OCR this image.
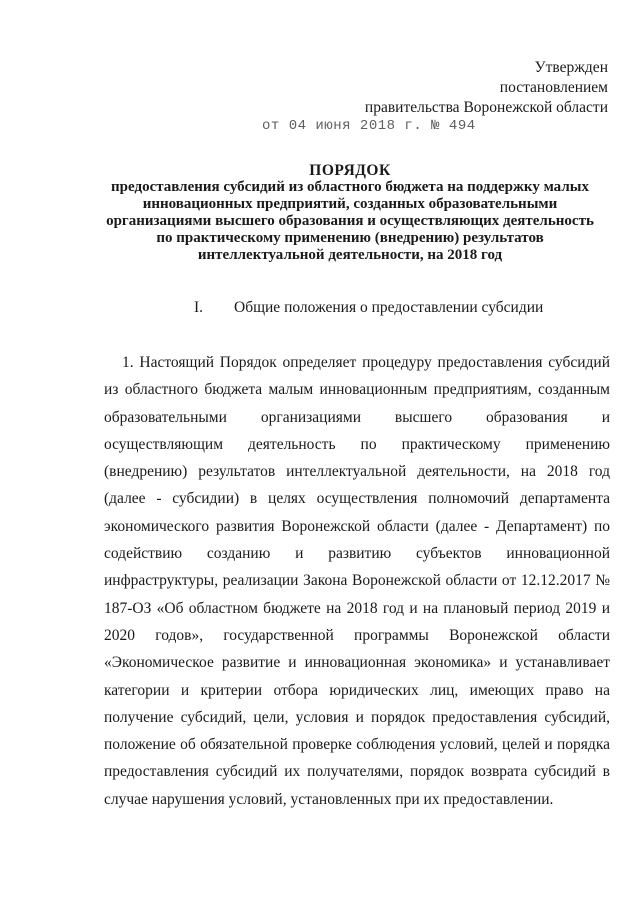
Утвержден
постановлением
правительства Воронежской области
от 04 июня 2018 г. № 494
ПОРЯДОК
предоставления субсидий из областного бюджета на поддержку малых
инновационных предприятий, созданных образовательными
организациями высшего образования и осуществляющих деятельность
по практическому применению (внедрению) результатов
интеллектуальной деятельности, на 2018 год
I. Общие положения о предоставлении субсидии

1. Настоящий Порядок определяет процедуру предоставления субсидий из областного бюджета малым инновационным предприятиям, созданным образовательными организациями высшего образования и осуществляющим деятельность по практическому применению (внедрению) результатов интеллектуальной деятельности, на 2018 год (далее - субсидии) в целях осуществления полномочий департамента экономического развития Воронежской области (далее - Департамент) по содействию созданию и развитию субъектов инновационной инфраструктуры, реализации Закона Воронежской области от 12.12.2017 № 187-ОЗ «Об областном бюджете на 2018 год и на плановый период 2019 и 2020 годов», государственной программы Воронежской области «Экономическое развитие и инновационная экономика» и устанавливает категории и критерии отбора юридических лиц, имеющих право на получение субсидий, цели, условия и порядок предоставления субсидий, положение об обязательной проверке соблюдения условий, целей и порядка предоставления субсидий их получателями, порядок возврата субсидий в случае нарушения условий, установленных при их предоставлении.
